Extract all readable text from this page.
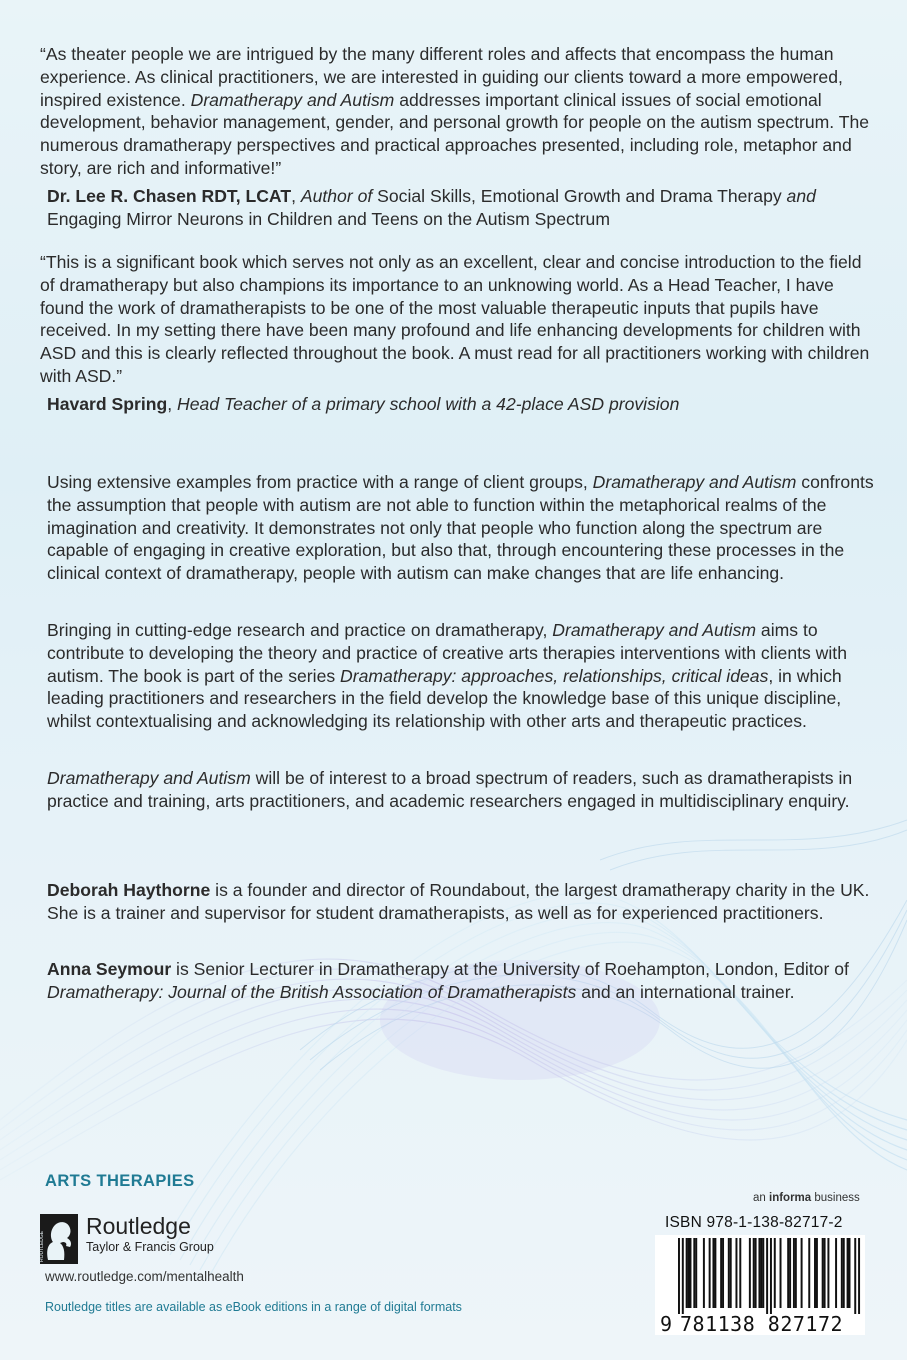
“As theater people we are intrigued by the many different roles and affects that encompass the human experience. As clinical practitioners, we are interested in guiding our clients toward a more empowered, inspired existence. Dramatherapy and Autism addresses important clinical issues of social emotional development, behavior management, gender, and personal growth for people on the autism spectrum. The numerous dramatherapy perspectives and practical approaches presented, including role, metaphor and story, are rich and informative!”

Dr. Lee R. Chasen RDT, LCAT, Author of Social Skills, Emotional Growth and Drama Therapy and Engaging Mirror Neurons in Children and Teens on the Autism Spectrum

“This is a significant book which serves not only as an excellent, clear and concise introduction to the field of dramatherapy but also champions its importance to an unknowing world. As a Head Teacher, I have found the work of dramatherapists to be one of the most valuable therapeutic inputs that pupils have received. In my setting there have been many profound and life enhancing developments for children with ASD and this is clearly reflected throughout the book. A must read for all practitioners working with children with ASD.”

Havard Spring, Head Teacher of a primary school with a 42-place ASD provision

Using extensive examples from practice with a range of client groups, Dramatherapy and Autism confronts the assumption that people with autism are not able to function within the metaphorical realms of the imagination and creativity. It demonstrates not only that people who function along the spectrum are capable of engaging in creative exploration, but also that, through encountering these processes in the clinical context of dramatherapy, people with autism can make changes that are life enhancing.

Bringing in cutting-edge research and practice on dramatherapy, Dramatherapy and Autism aims to contribute to developing the theory and practice of creative arts therapies interventions with clients with autism. The book is part of the series Dramatherapy: approaches, relationships, critical ideas, in which leading practitioners and researchers in the field develop the knowledge base of this unique discipline, whilst contextualising and acknowledging its relationship with other arts and therapeutic practices.

Dramatherapy and Autism will be of interest to a broad spectrum of readers, such as dramatherapists in practice and training, arts practitioners, and academic researchers engaged in multidisciplinary enquiry.

Deborah Haythorne is a founder and director of Roundabout, the largest dramatherapy charity in the UK. She is a trainer and supervisor for student dramatherapists, as well as for experienced practitioners.

Anna Seymour is Senior Lecturer in Dramatherapy at the University of Roehampton, London, Editor of Dramatherapy: Journal of the British Association of Dramatherapists and an international trainer.

ARTS THERAPIES
ROUTLEDGE
Routledge
Taylor & Francis Group
www.routledge.com/mentalhealth
Routledge titles are available as eBook editions in a range of digital formats
an informa business
ISBN 978-1-138-82717-2
9 781138 827172
